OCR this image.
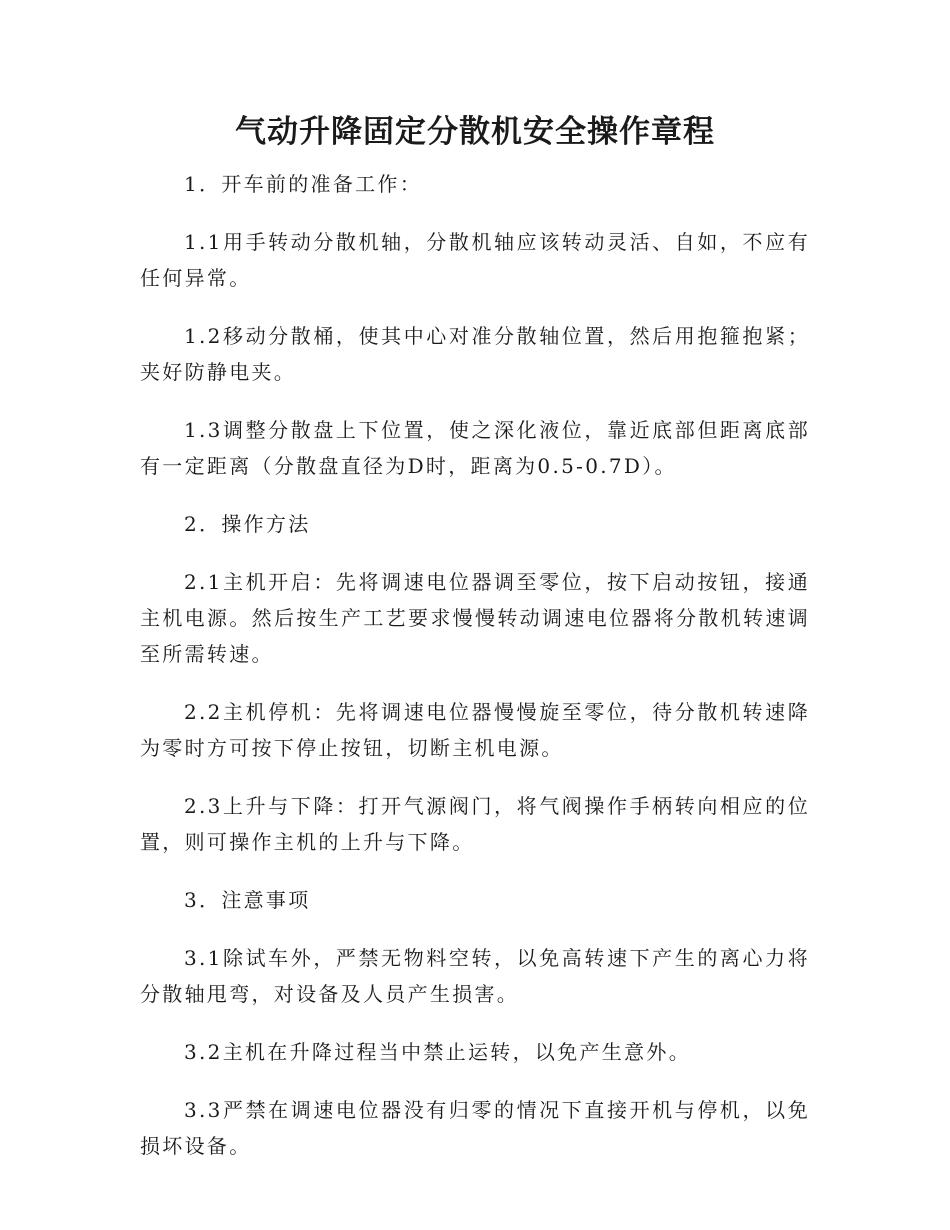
气动升降固定分散机安全操作章程

1．开车前的准备工作：

1.1用手转动分散机轴，分散机轴应该转动灵活、自如，不应有任何异常。

1.2移动分散桶，使其中心对准分散轴位置，然后用抱箍抱紧；夹好防静电夹。

1.3调整分散盘上下位置，使之深化液位，靠近底部但距离底部有一定距离（分散盘直径为D时，距离为0.5-0.7D）。

2．操作方法

2.1主机开启：先将调速电位器调至零位，按下启动按钮，接通主机电源。然后按生产工艺要求慢慢转动调速电位器将分散机转速调至所需转速。

2.2主机停机：先将调速电位器慢慢旋至零位，待分散机转速降为零时方可按下停止按钮，切断主机电源。

2.3上升与下降：打开气源阀门，将气阀操作手柄转向相应的位置，则可操作主机的上升与下降。

3．注意事项

3.1除试车外，严禁无物料空转，以免高转速下产生的离心力将分散轴甩弯，对设备及人员产生损害。

3.2主机在升降过程当中禁止运转，以免产生意外。

3.3严禁在调速电位器没有归零的情况下直接开机与停机，以免损坏设备。
